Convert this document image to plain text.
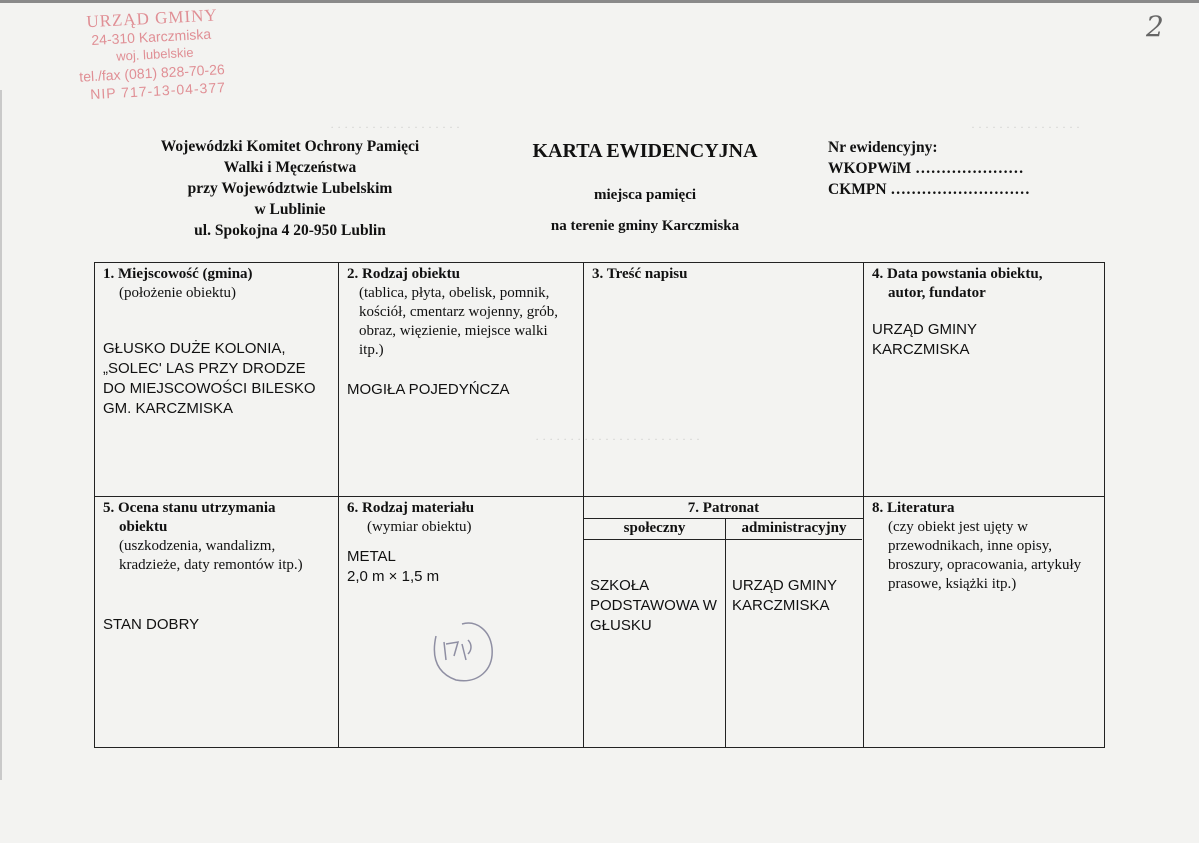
URZĄD GMINY
24-310 Karczmiska
woj. lubelskie
tel./fax (081) 828-70-26
NIP 717-13-04-377
2
Wojewódzki Komitet Ochrony Pamięci
Walki i Męczeństwa
przy Województwie Lubelskim
w Lublinie
ul. Spokojna 4 20-950 Lublin
KARTA EWIDENCYJNA
miejsca pamięci
na terenie gminy Karczmiska
Nr ewidencyjny:
WKOPWiM …………………
CKMPN ………………………
· · · · · · · · · · · · · · · · · · ·	· · · · · · · · · · · · · · · ·
· · · · · · · · · · · · · · · · · · · · · · · ·
1. Miejscowość (gmina)
(położenie obiektu)
GŁUSKO DUŻE KOLONIA, „SOLEC' LAS PRZY DRODZE DO MIEJSCOWOŚCI BILESKO GM. KARCZMISKA
2. Rodzaj obiektu
(tablica, płyta, obelisk, pomnik, kościół, cmentarz wojenny, grób, obraz, więzienie, miejsce walki itp.)
MOGIŁA POJEDYŃCZA
3. Treść napisu	4. Data powstania obiektu,
autor, fundator
URZĄD GMINY KARCZMISKA
5. Ocena stanu utrzymania
obiektu
(uszkodzenia, wandalizm, kradzieże, daty remontów itp.)
STAN DOBRY
6. Rodzaj materiału
(wymiar obiektu)
METAL
2,0 m × 1,5 m
7. Patronat
społeczny
SZKOŁA PODSTAWOWA W GŁUSKU
administracyjny
URZĄD GMINY KARCZMISKA
8. Literatura
(czy obiekt jest ujęty w przewodnikach, inne opisy, broszury, opracowania, artykuły prasowe, książki itp.)
